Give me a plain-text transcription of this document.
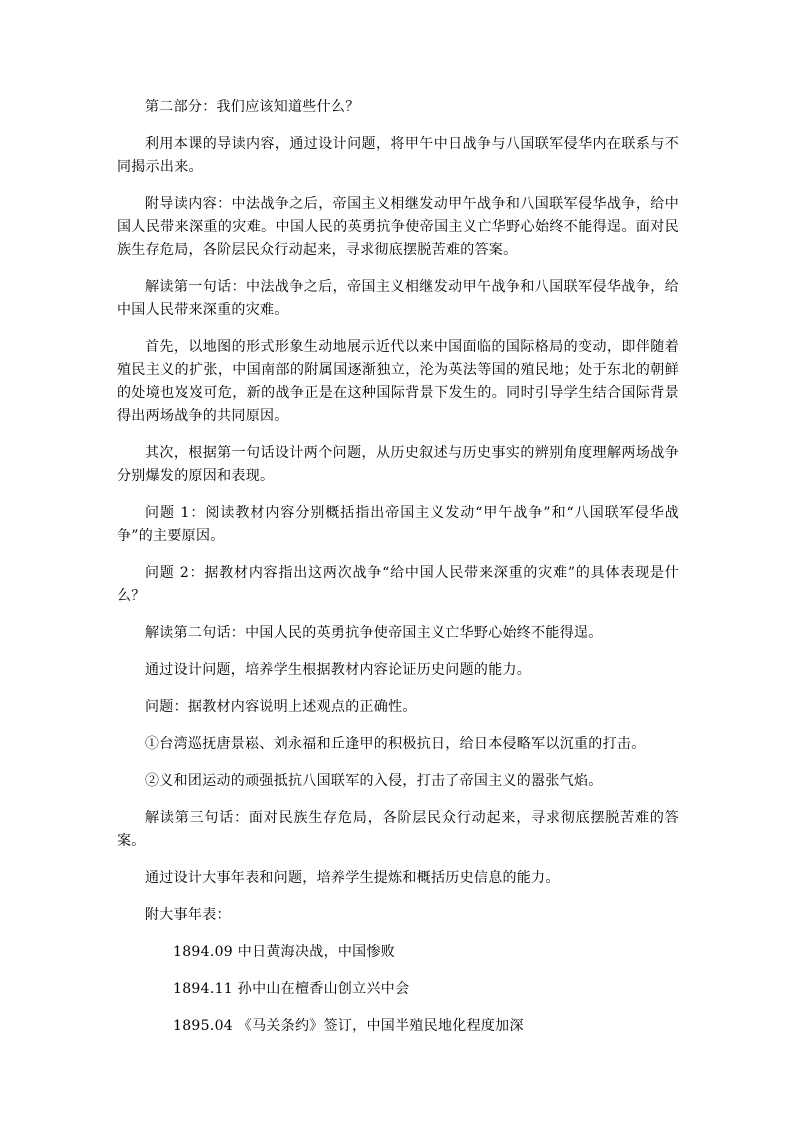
第二部分：我们应该知道些什么？

利用本课的导读内容，通过设计问题，将甲午中日战争与八国联军侵华内在联系与不同揭示出来。

附导读内容：中法战争之后，帝国主义相继发动甲午战争和八国联军侵华战争，给中国人民带来深重的灾难。中国人民的英勇抗争使帝国主义亡华野心始终不能得逞。面对民族生存危局，各阶层民众行动起来，寻求彻底摆脱苦难的答案。

解读第一句话：中法战争之后，帝国主义相继发动甲午战争和八国联军侵华战争，给中国人民带来深重的灾难。

首先，以地图的形式形象生动地展示近代以来中国面临的国际格局的变动，即伴随着殖民主义的扩张，中国南部的附属国逐渐独立，沦为英法等国的殖民地；处于东北的朝鲜的处境也岌岌可危，新的战争正是在这种国际背景下发生的。同时引导学生结合国际背景得出两场战争的共同原因。

其次，根据第一句话设计两个问题，从历史叙述与历史事实的辨别角度理解两场战争分别爆发的原因和表现。

问题 1：阅读教材内容分别概括指出帝国主义发动“甲午战争”和“八国联军侵华战争”的主要原因。

问题 2：据教材内容指出这两次战争“给中国人民带来深重的灾难”的具体表现是什么？

解读第二句话：中国人民的英勇抗争使帝国主义亡华野心始终不能得逞。

通过设计问题，培养学生根据教材内容论证历史问题的能力。

问题：据教材内容说明上述观点的正确性。

①台湾巡抚唐景崧、刘永福和丘逢甲的积极抗日，给日本侵略军以沉重的打击。

②义和团运动的顽强抵抗八国联军的入侵，打击了帝国主义的嚣张气焰。

解读第三句话：面对民族生存危局，各阶层民众行动起来，寻求彻底摆脱苦难的答案。

通过设计大事年表和问题，培养学生提炼和概括历史信息的能力。

附大事年表：

1894.09 中日黄海决战，中国惨败

1894.11 孙中山在檀香山创立兴中会

1895.04 《马关条约》签订，中国半殖民地化程度加深
